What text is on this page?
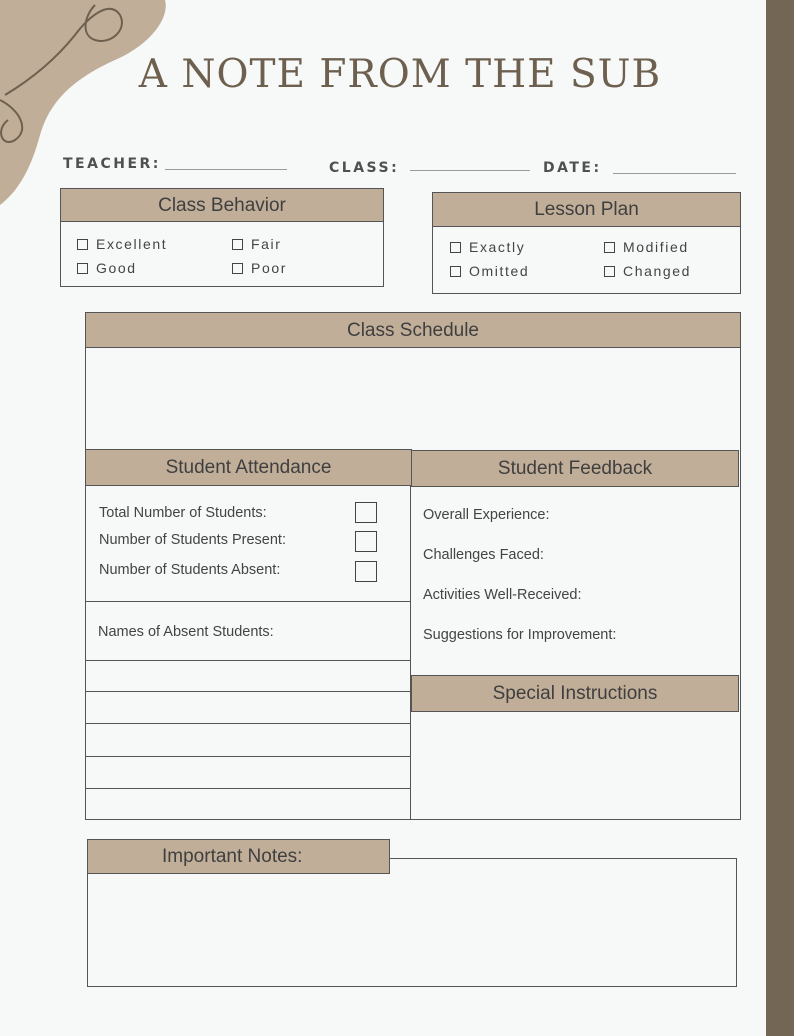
A NOTE FROM THE SUB
TEACHER:	CLASS:	DATE:
Class Behavior
Excellent	Fair
Good	Poor
Lesson Plan
Exactly	Modified
Omitted	Changed
Class Schedule
Student Attendance	Student Feedback
Total Number of Students:
Number of Students Present:
Number of Students Absent:
Names of Absent Students:
Overall Experience:
Challenges Faced:
Activities Well-Received:
Suggestions for Improvement:
Special Instructions
Important Notes:
